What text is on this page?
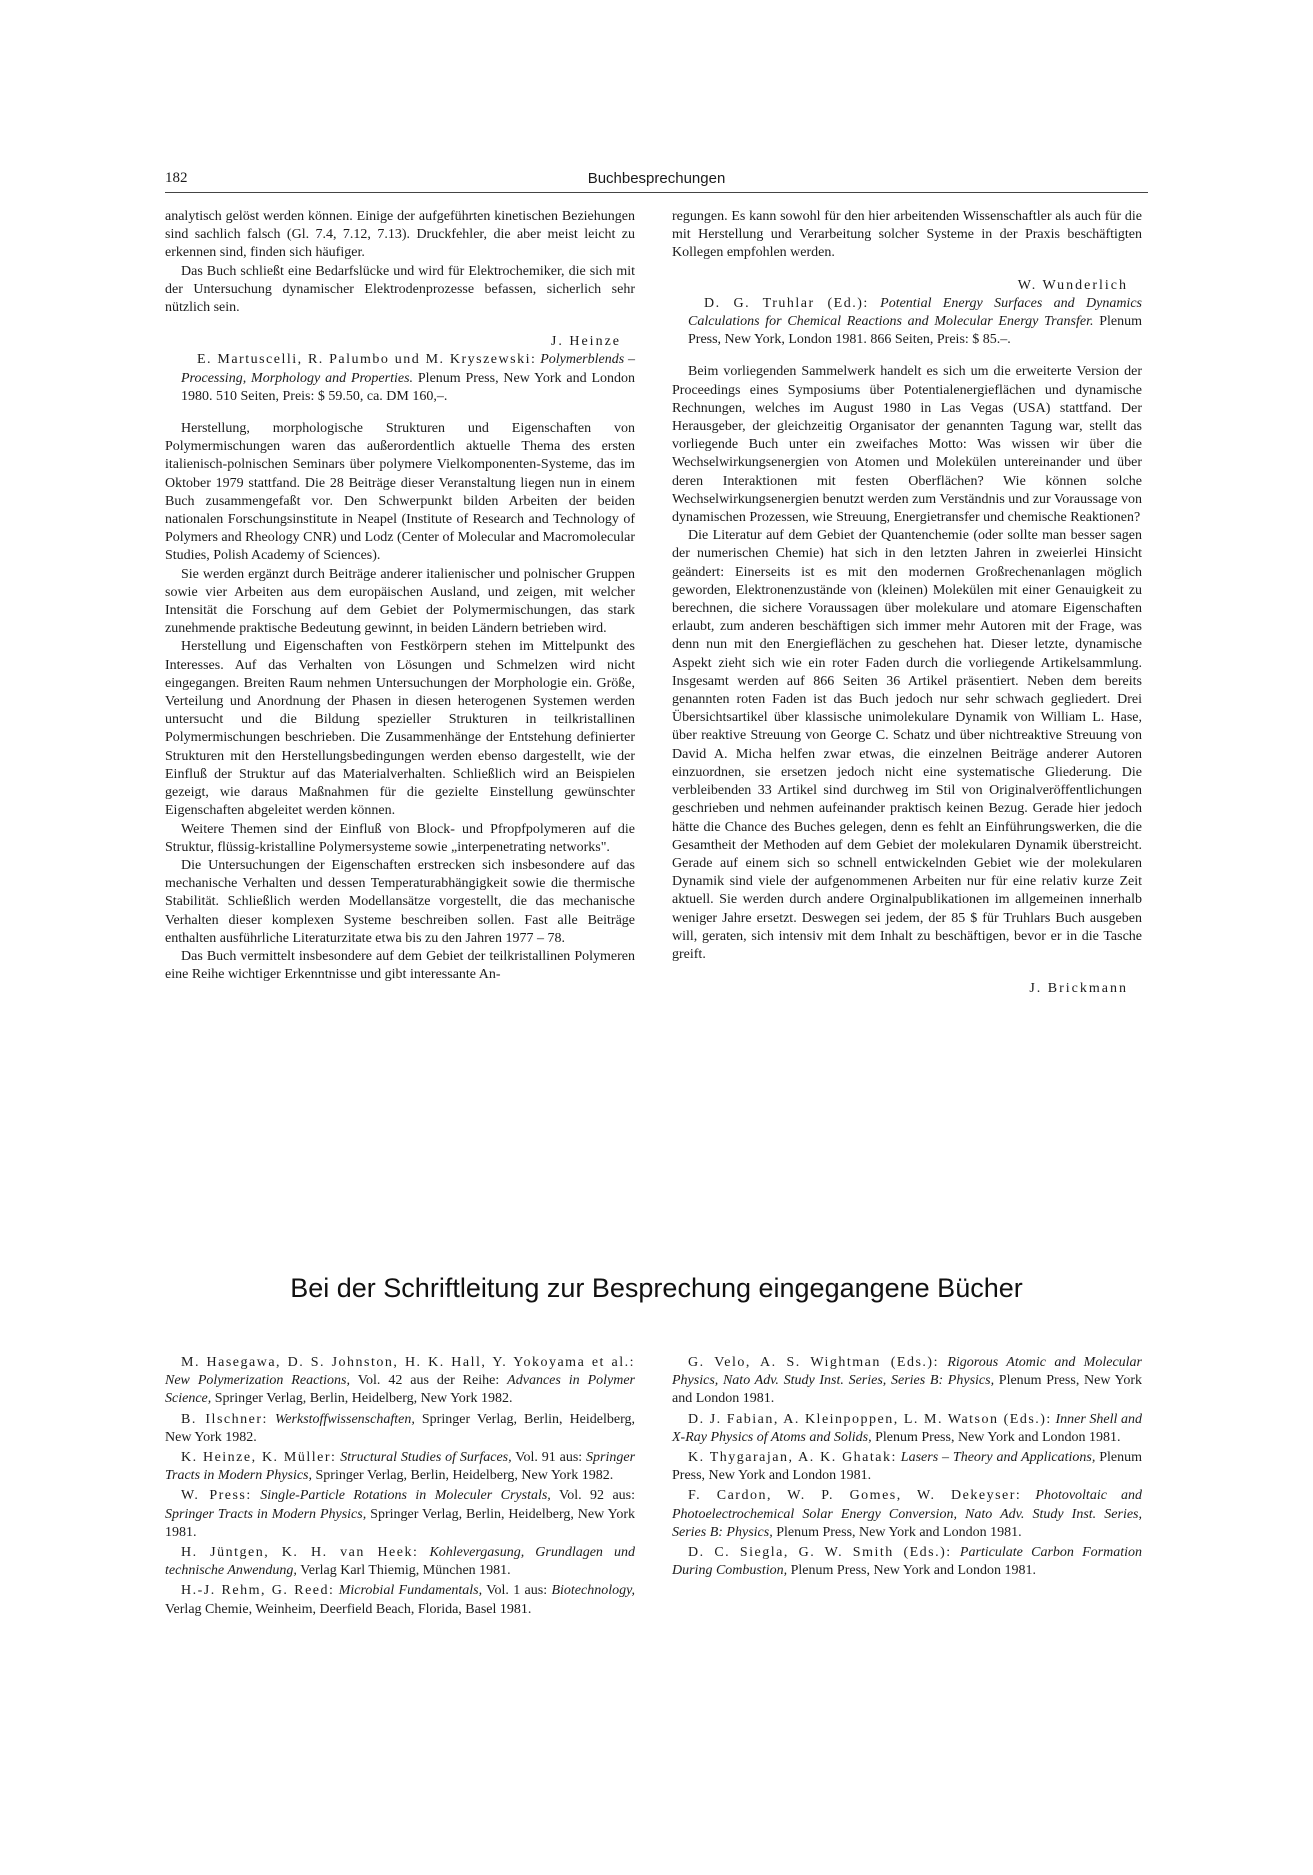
182	Buchbesprechungen

analytisch gelöst werden können. Einige der aufgeführten kinetischen Beziehungen sind sachlich falsch (Gl. 7.4, 7.12, 7.13). Druckfehler, die aber meist leicht zu erkennen sind, finden sich häufiger.

Das Buch schließt eine Bedarfslücke und wird für Elektrochemiker, die sich mit der Untersuchung dynamischer Elektrodenprozesse befassen, sicherlich sehr nützlich sein.

J. Heinze

E. Martuscelli, R. Palumbo und M. Kryszewski: Polymerblends – Processing, Morphology and Properties. Plenum Press, New York and London 1980. 510 Seiten, Preis: $ 59.50, ca. DM 160,–.

Herstellung, morphologische Strukturen und Eigenschaften von Polymermischungen waren das außerordentlich aktuelle Thema des ersten italienisch-polnischen Seminars über polymere Vielkomponenten-Systeme, das im Oktober 1979 stattfand. Die 28 Beiträge dieser Veranstaltung liegen nun in einem Buch zusammengefaßt vor. Den Schwerpunkt bilden Arbeiten der beiden nationalen Forschungsinstitute in Neapel (Institute of Research and Technology of Polymers and Rheology CNR) und Lodz (Center of Molecular and Macromolecular Studies, Polish Academy of Sciences).

Sie werden ergänzt durch Beiträge anderer italienischer und polnischer Gruppen sowie vier Arbeiten aus dem europäischen Ausland, und zeigen, mit welcher Intensität die Forschung auf dem Gebiet der Polymermischungen, das stark zunehmende praktische Bedeutung gewinnt, in beiden Ländern betrieben wird.

Herstellung und Eigenschaften von Festkörpern stehen im Mittelpunkt des Interesses. Auf das Verhalten von Lösungen und Schmelzen wird nicht eingegangen. Breiten Raum nehmen Untersuchungen der Morphologie ein. Größe, Verteilung und Anordnung der Phasen in diesen heterogenen Systemen werden untersucht und die Bildung spezieller Strukturen in teilkristallinen Polymermischungen beschrieben. Die Zusammenhänge der Entstehung definierter Strukturen mit den Herstellungsbedingungen werden ebenso dargestellt, wie der Einfluß der Struktur auf das Materialverhalten. Schließlich wird an Beispielen gezeigt, wie daraus Maßnahmen für die gezielte Einstellung gewünschter Eigenschaften abgeleitet werden können.

Weitere Themen sind der Einfluß von Block- und Pfropfpolymeren auf die Struktur, flüssig-kristalline Polymersysteme sowie „interpenetrating networks".

Die Untersuchungen der Eigenschaften erstrecken sich insbesondere auf das mechanische Verhalten und dessen Temperaturabhängigkeit sowie die thermische Stabilität. Schließlich werden Modellansätze vorgestellt, die das mechanische Verhalten dieser komplexen Systeme beschreiben sollen. Fast alle Beiträge enthalten ausführliche Literaturzitate etwa bis zu den Jahren 1977 – 78.

Das Buch vermittelt insbesondere auf dem Gebiet der teilkristallinen Polymeren eine Reihe wichtiger Erkenntnisse und gibt interessante An-

regungen. Es kann sowohl für den hier arbeitenden Wissenschaftler als auch für die mit Herstellung und Verarbeitung solcher Systeme in der Praxis beschäftigten Kollegen empfohlen werden.

W. Wunderlich

D. G. Truhlar (Ed.): Potential Energy Surfaces and Dynamics Calculations for Chemical Reactions and Molecular Energy Transfer. Plenum Press, New York, London 1981. 866 Seiten, Preis: $ 85.–.

Beim vorliegenden Sammelwerk handelt es sich um die erweiterte Version der Proceedings eines Symposiums über Potentialenergieflächen und dynamische Rechnungen, welches im August 1980 in Las Vegas (USA) stattfand. Der Herausgeber, der gleichzeitig Organisator der genannten Tagung war, stellt das vorliegende Buch unter ein zweifaches Motto: Was wissen wir über die Wechselwirkungsenergien von Atomen und Molekülen untereinander und über deren Interaktionen mit festen Oberflächen? Wie können solche Wechselwirkungsenergien benutzt werden zum Verständnis und zur Voraussage von dynamischen Prozessen, wie Streuung, Energietransfer und chemische Reaktionen?

Die Literatur auf dem Gebiet der Quantenchemie (oder sollte man besser sagen der numerischen Chemie) hat sich in den letzten Jahren in zweierlei Hinsicht geändert: Einerseits ist es mit den modernen Großrechenanlagen möglich geworden, Elektronenzustände von (kleinen) Molekülen mit einer Genauigkeit zu berechnen, die sichere Voraussagen über molekulare und atomare Eigenschaften erlaubt, zum anderen beschäftigen sich immer mehr Autoren mit der Frage, was denn nun mit den Energieflächen zu geschehen hat. Dieser letzte, dynamische Aspekt zieht sich wie ein roter Faden durch die vorliegende Artikelsammlung. Insgesamt werden auf 866 Seiten 36 Artikel präsentiert. Neben dem bereits genannten roten Faden ist das Buch jedoch nur sehr schwach gegliedert. Drei Übersichtsartikel über klassische unimolekulare Dynamik von William L. Hase, über reaktive Streuung von George C. Schatz und über nichtreaktive Streuung von David A. Micha helfen zwar etwas, die einzelnen Beiträge anderer Autoren einzuordnen, sie ersetzen jedoch nicht eine systematische Gliederung. Die verbleibenden 33 Artikel sind durchweg im Stil von Originalveröffentlichungen geschrieben und nehmen aufeinander praktisch keinen Bezug. Gerade hier jedoch hätte die Chance des Buches gelegen, denn es fehlt an Einführungswerken, die die Gesamtheit der Methoden auf dem Gebiet der molekularen Dynamik überstreicht. Gerade auf einem sich so schnell entwickelnden Gebiet wie der molekularen Dynamik sind viele der aufgenommenen Arbeiten nur für eine relativ kurze Zeit aktuell. Sie werden durch andere Orginalpublikationen im allgemeinen innerhalb weniger Jahre ersetzt. Deswegen sei jedem, der 85 $ für Truhlars Buch ausgeben will, geraten, sich intensiv mit dem Inhalt zu beschäftigen, bevor er in die Tasche greift.

J. Brickmann
Bei der Schriftleitung zur Besprechung eingegangene Bücher

M. Hasegawa, D. S. Johnston, H. K. Hall, Y. Yokoyama et al.: New Polymerization Reactions, Vol. 42 aus der Reihe: Advances in Polymer Science, Springer Verlag, Berlin, Heidelberg, New York 1982.

B. Ilschner: Werkstoffwissenschaften, Springer Verlag, Berlin, Heidelberg, New York 1982.

K. Heinze, K. Müller: Structural Studies of Surfaces, Vol. 91 aus: Springer Tracts in Modern Physics, Springer Verlag, Berlin, Heidelberg, New York 1982.

W. Press: Single-Particle Rotations in Moleculer Crystals, Vol. 92 aus: Springer Tracts in Modern Physics, Springer Verlag, Berlin, Heidelberg, New York 1981.

H. Jüntgen, K. H. van Heek: Kohlevergasung, Grundlagen und technische Anwendung, Verlag Karl Thiemig, München 1981.

H.-J. Rehm, G. Reed: Microbial Fundamentals, Vol. 1 aus: Biotechnology, Verlag Chemie, Weinheim, Deerfield Beach, Florida, Basel 1981.

G. Velo, A. S. Wightman (Eds.): Rigorous Atomic and Molecular Physics, Nato Adv. Study Inst. Series, Series B: Physics, Plenum Press, New York and London 1981.

D. J. Fabian, A. Kleinpoppen, L. M. Watson (Eds.): Inner Shell and X-Ray Physics of Atoms and Solids, Plenum Press, New York and London 1981.

K. Thygarajan, A. K. Ghatak: Lasers – Theory and Applications, Plenum Press, New York and London 1981.

F. Cardon, W. P. Gomes, W. Dekeyser: Photovoltaic and Photoelectrochemical Solar Energy Conversion, Nato Adv. Study Inst. Series, Series B: Physics, Plenum Press, New York and London 1981.

D. C. Siegla, G. W. Smith (Eds.): Particulate Carbon Formation During Combustion, Plenum Press, New York and London 1981.
